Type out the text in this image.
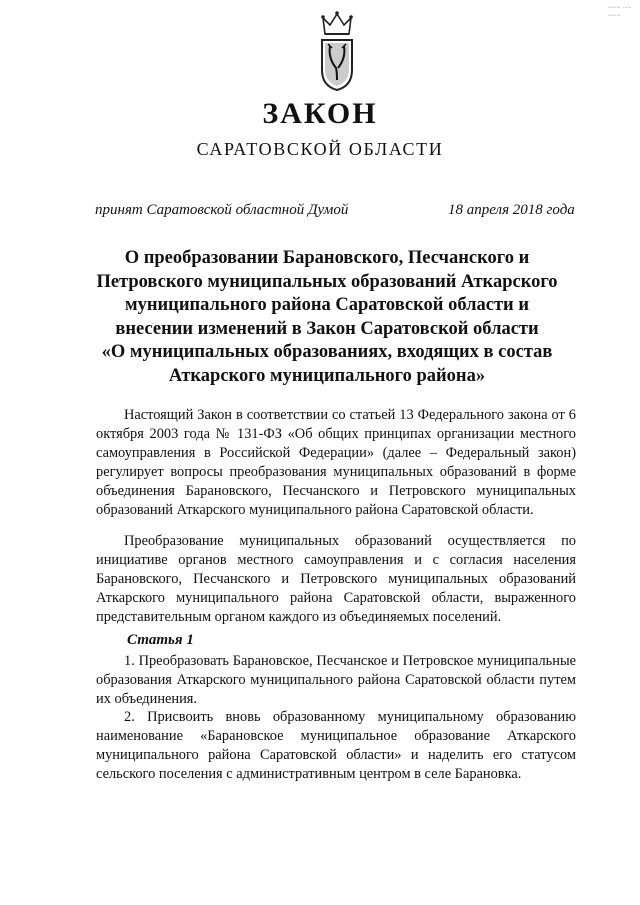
~~~ ~~ ~~~
ЗАКОН
САРАТОВСКОЙ ОБЛАСТИ
принят Саратовской областной Думой	18 апреля 2018 года
О преобразовании Барановского, Песчанского и
Петровского муниципальных образований Аткарского
муниципального района Саратовской области и
внесении изменений в Закон Саратовской области
«О муниципальных образованиях, входящих в состав
Аткарского муниципального района»

Настоящий Закон в соответствии со статьей 13 Федерального закона от 6 октября 2003 года № 131-ФЗ «Об общих принципах организации местного самоуправления в Российской Федерации» (далее – Федеральный закон) регулирует вопросы преобразования муниципальных образований в форме объединения Барановского, Песчанского и Петровского муниципальных образований Аткарского муниципального района Саратовской области.

Преобразование муниципальных образований осуществляется по инициативе органов местного самоуправления и с согласия населения Барановского, Песчанского и Петровского муниципальных образований Аткарского муниципального района Саратовской области, выраженного представительным органом каждого из объединяемых поселений.

Статья 1

1. Преобразовать Барановское, Песчанское и Петровское муниципальные образования Аткарского муниципального района Саратовской области путем их объединения.

2. Присвоить вновь образованному муниципальному образованию наименование «Барановское муниципальное образование Аткарского муниципального района Саратовской области» и наделить его статусом сельского поселения с административным центром в селе Барановка.
